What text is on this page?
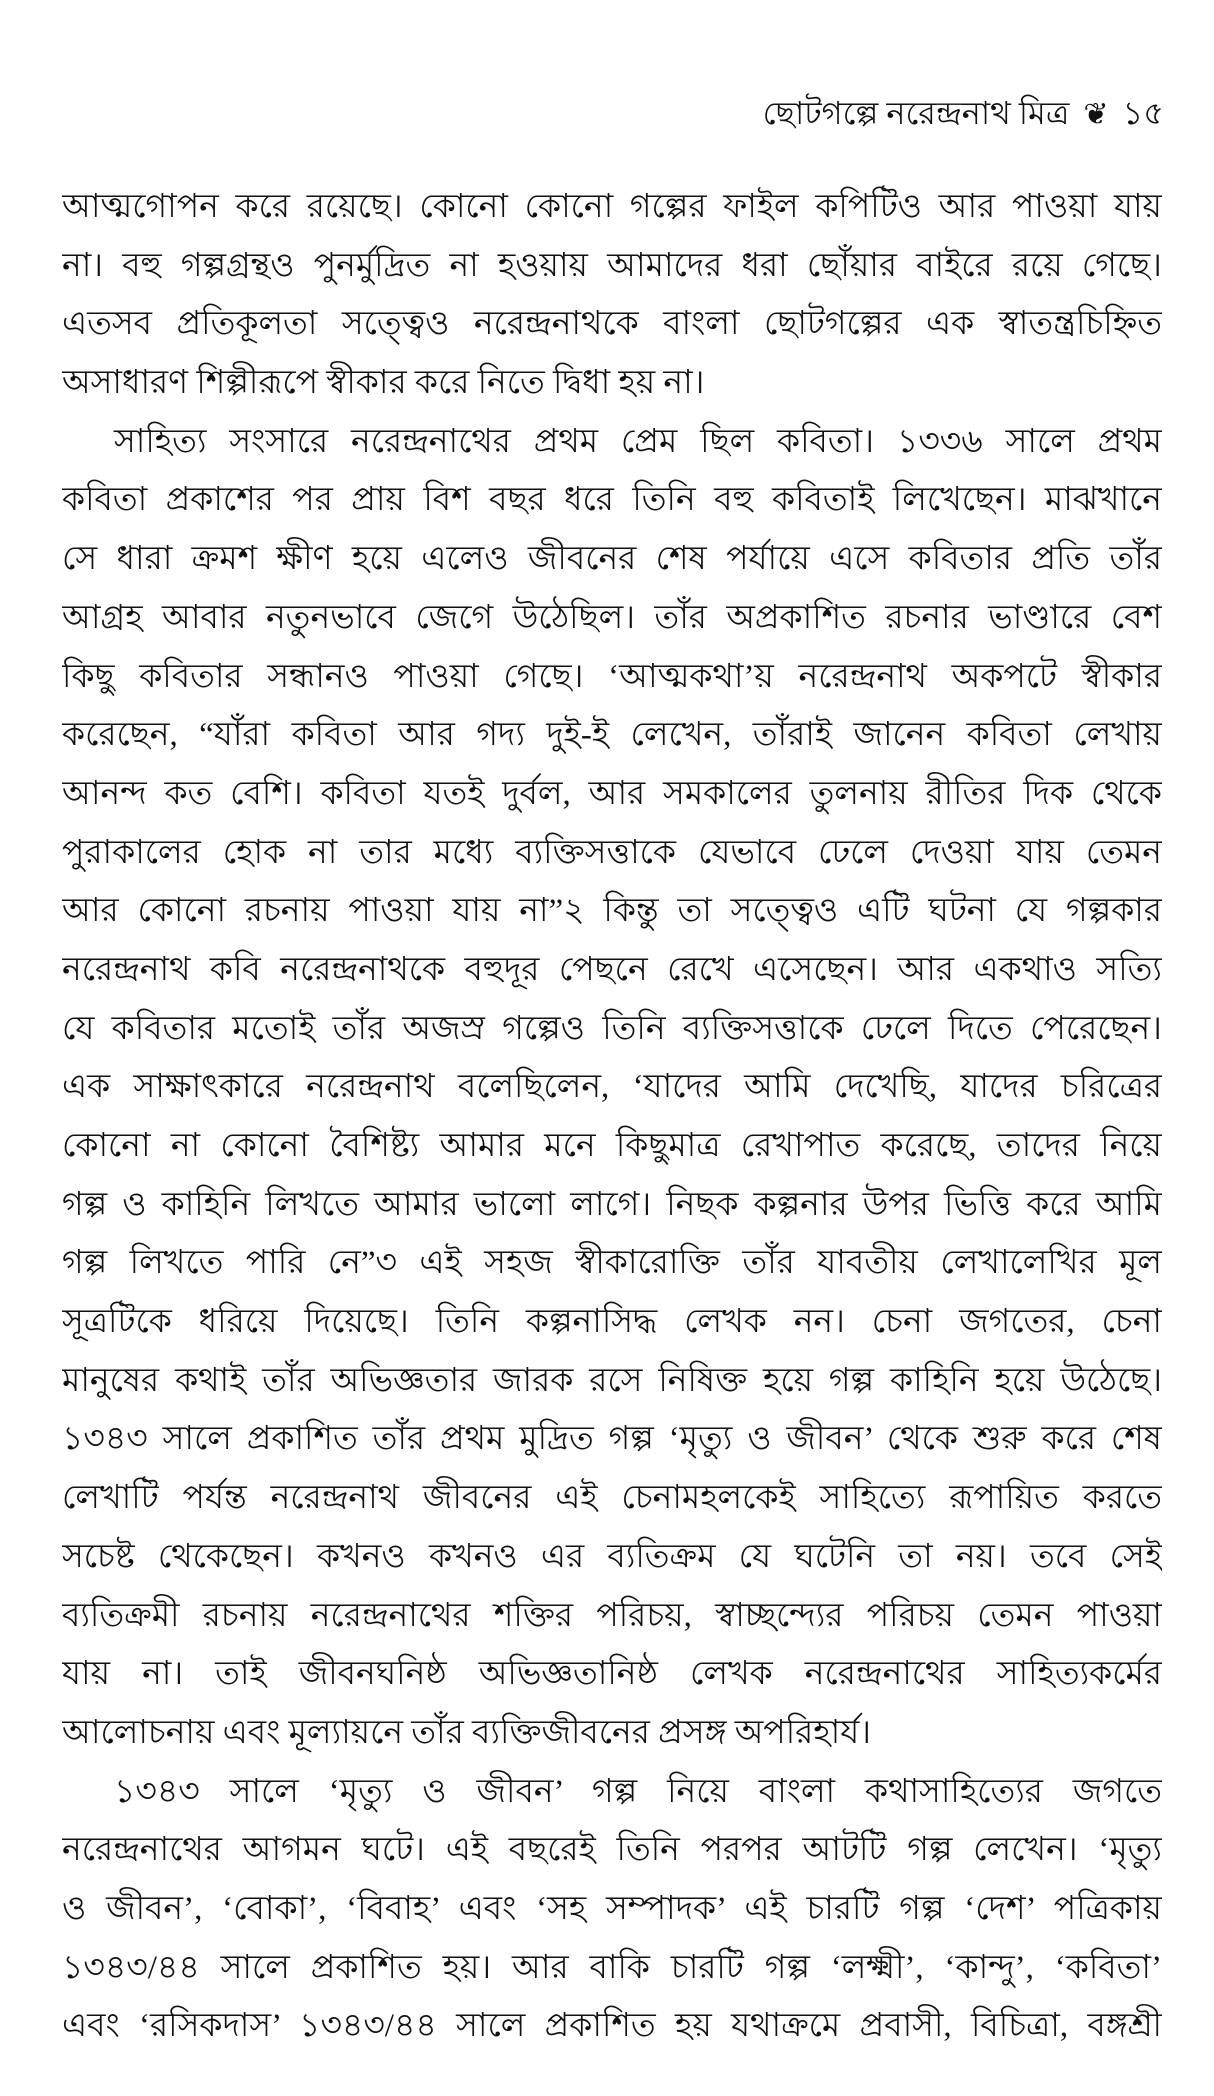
ছোটগল্পে নরেন্দ্রনাথ মিত্র ❦ ১৫
আত্মগোপন করে রয়েছে। কোনো কোনো গল্পের ফাইল কপিটিও আর পাওয়া যায়
না। বহু গল্পগ্রন্থও পুনর্মুদ্রিত না হওয়ায় আমাদের ধরা ছোঁয়ার বাইরে রয়ে গেছে।
এতসব প্রতিকূলতা সত্ত্বেও নরেন্দ্রনাথকে বাংলা ছোটগল্পের এক স্বাতন্ত্রচিহ্নিত
অসাধারণ শিল্পীরূপে স্বীকার করে নিতে দ্বিধা হয় না।
সাহিত্য সংসারে নরেন্দ্রনাথের প্রথম প্রেম ছিল কবিতা। ১৩৩৬ সালে প্রথম
কবিতা প্রকাশের পর প্রায় বিশ বছর ধরে তিনি বহু কবিতাই লিখেছেন। মাঝখানে
সে ধারা ক্রমশ ক্ষীণ হয়ে এলেও জীবনের শেষ পর্যায়ে এসে কবিতার প্রতি তাঁর
আগ্রহ আবার নতুনভাবে জেগে উঠেছিল। তাঁর অপ্রকাশিত রচনার ভাণ্ডারে বেশ
কিছু কবিতার সন্ধানও পাওয়া গেছে। ‘আত্মকথা’য় নরেন্দ্রনাথ অকপটে স্বীকার
করেছেন, “যাঁরা কবিতা আর গদ্য দুই-ই লেখেন, তাঁরাই জানেন কবিতা লেখায়
আনন্দ কত বেশি। কবিতা যতই দুর্বল, আর সমকালের তুলনায় রীতির দিক থেকে
পুরাকালের হোক না তার মধ্যে ব্যক্তিসত্তাকে যেভাবে ঢেলে দেওয়া যায় তেমন
আর কোনো রচনায় পাওয়া যায় না”২ কিন্তু তা সত্ত্বেও এটি ঘটনা যে গল্পকার
নরেন্দ্রনাথ কবি নরেন্দ্রনাথকে বহুদূর পেছনে রেখে এসেছেন। আর একথাও সত্যি
যে কবিতার মতোই তাঁর অজস্র গল্পেও তিনি ব্যক্তিসত্তাকে ঢেলে দিতে পেরেছেন।
এক সাক্ষাৎকারে নরেন্দ্রনাথ বলেছিলেন, ‘যাদের আমি দেখেছি, যাদের চরিত্রের
কোনো না কোনো বৈশিষ্ট্য আমার মনে কিছুমাত্র রেখাপাত করেছে, তাদের নিয়ে
গল্প ও কাহিনি লিখতে আমার ভালো লাগে। নিছক কল্পনার উপর ভিত্তি করে আমি
গল্প লিখতে পারি নে”৩ এই সহজ স্বীকারোক্তি তাঁর যাবতীয় লেখালেখির মূল
সূত্রটিকে ধরিয়ে দিয়েছে। তিনি কল্পনাসিদ্ধ লেখক নন। চেনা জগতের, চেনা
মানুষের কথাই তাঁর অভিজ্ঞতার জারক রসে নিষিক্ত হয়ে গল্প কাহিনি হয়ে উঠেছে।
১৩৪৩ সালে প্রকাশিত তাঁর প্রথম মুদ্রিত গল্প ‘মৃত্যু ও জীবন’ থেকে শুরু করে শেষ
লেখাটি পর্যন্ত নরেন্দ্রনাথ জীবনের এই চেনামহলকেই সাহিত্যে রূপায়িত করতে
সচেষ্ট থেকেছেন। কখনও কখনও এর ব্যতিক্রম যে ঘটেনি তা নয়। তবে সেই
ব্যতিক্রমী রচনায় নরেন্দ্রনাথের শক্তির পরিচয়, স্বাচ্ছন্দ্যের পরিচয় তেমন পাওয়া
যায় না। তাই জীবনঘনিষ্ঠ অভিজ্ঞতানিষ্ঠ লেখক নরেন্দ্রনাথের সাহিত্যকর্মের
আলোচনায় এবং মূল্যায়নে তাঁর ব্যক্তিজীবনের প্রসঙ্গ অপরিহার্য।
১৩৪৩ সালে ‘মৃত্যু ও জীবন’ গল্প নিয়ে বাংলা কথাসাহিত্যের জগতে
নরেন্দ্রনাথের আগমন ঘটে। এই বছরেই তিনি পরপর আটটি গল্প লেখেন। ‘মৃত্যু
ও জীবন’, ‘বোকা’, ‘বিবাহ’ এবং ‘সহ সম্পাদক’ এই চারটি গল্প ‘দেশ’ পত্রিকায়
১৩৪৩/৪৪ সালে প্রকাশিত হয়। আর বাকি চারটি গল্প ‘লক্ষ্মী’, ‘কান্দু’, ‘কবিতা’
এবং ‘রসিকদাস’ ১৩৪৩/৪৪ সালে প্রকাশিত হয় যথাক্রমে প্রবাসী, বিচিত্রা, বঙ্গশ্রী
